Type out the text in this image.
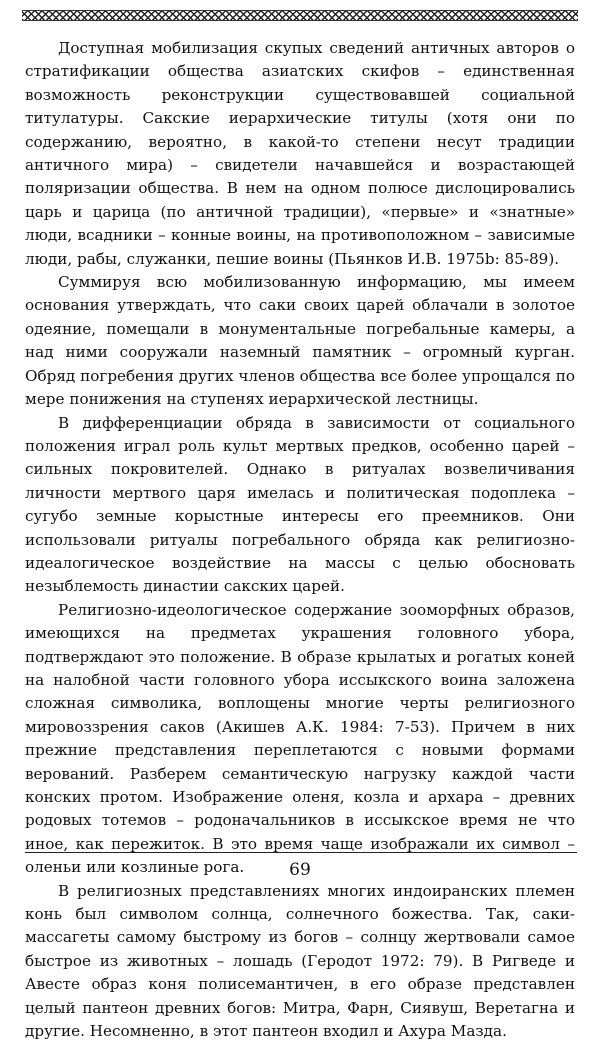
Доступная мобилизация скупых сведений античных авторов о стратификации общества азиатских скифов – единственная возможность реконструкции существовавшей социальной титулатуры. Сакские иерархические титулы (хотя они по содержанию, вероятно, в какой-то степени несут традиции античного мира) – свидетели начавшейся и возрастающей поляризации общества. В нем на одном полюсе дислоцировались царь и царица (по античной традиции), «первые» и «знатные» люди, всадники – конные воины, на противоположном – зависимые люди, рабы, служанки, пешие воины (Пьянков И.В. 1975b: 85-89).

Суммируя всю мобилизованную информацию, мы имеем основания утверждать, что саки своих царей облачали в золотое одеяние, помещали в монументальные погребальные камеры, а над ними сооружали наземный памятник – огромный курган. Обряд погребения других членов общества все более упрощался по мере понижения на ступенях иерархической лестницы.

В дифференциации обряда в зависимости от социального положения играл роль культ мертвых предков, особенно царей – сильных покровителей. Однако в ритуалах возвеличивания личности мертвого царя имелась и политическая подоплека – сугубо земные корыстные интересы его преемников. Они использовали ритуалы погребального обряда как религиозно-идеалогическое воздействие на массы с целью обосновать незыблемость династии сакских царей.

Религиозно-идеологическое содержание зооморфных образов, имеющихся на предметах украшения головного убора, подтверждают это положение. В образе крылатых и рогатых коней на налобной части головного убора иссыкского воина заложена сложная символика, воплощены многие черты религиозного мировоззрения саков (Акишев А.К. 1984: 7-53). Причем в них прежние представления переплетаются с новыми формами верований. Разберем семантическую нагрузку каждой части конских протом. Изображение оленя, козла и архара – древних родовых тотемов – родоначальников в иссыкское время не что иное, как пережиток. В это время чаще изображали их символ – оленьи или козлиные рога.

В религиозных представлениях многих индоиранских племен конь был символом солнца, солнечного божества. Так, саки-массагеты самому быстрому из богов – солнцу жертвовали самое быстрое из животных – лошадь (Геродот 1972: 79). В Ригведе и Авесте образ коня полисемантичен, в его образе представлен целый пантеон древних богов: Митра, Фарн, Сиявуш, Веретагна и другие. Несомненно, в этот пантеон входил и Ахура Мазда.

69
